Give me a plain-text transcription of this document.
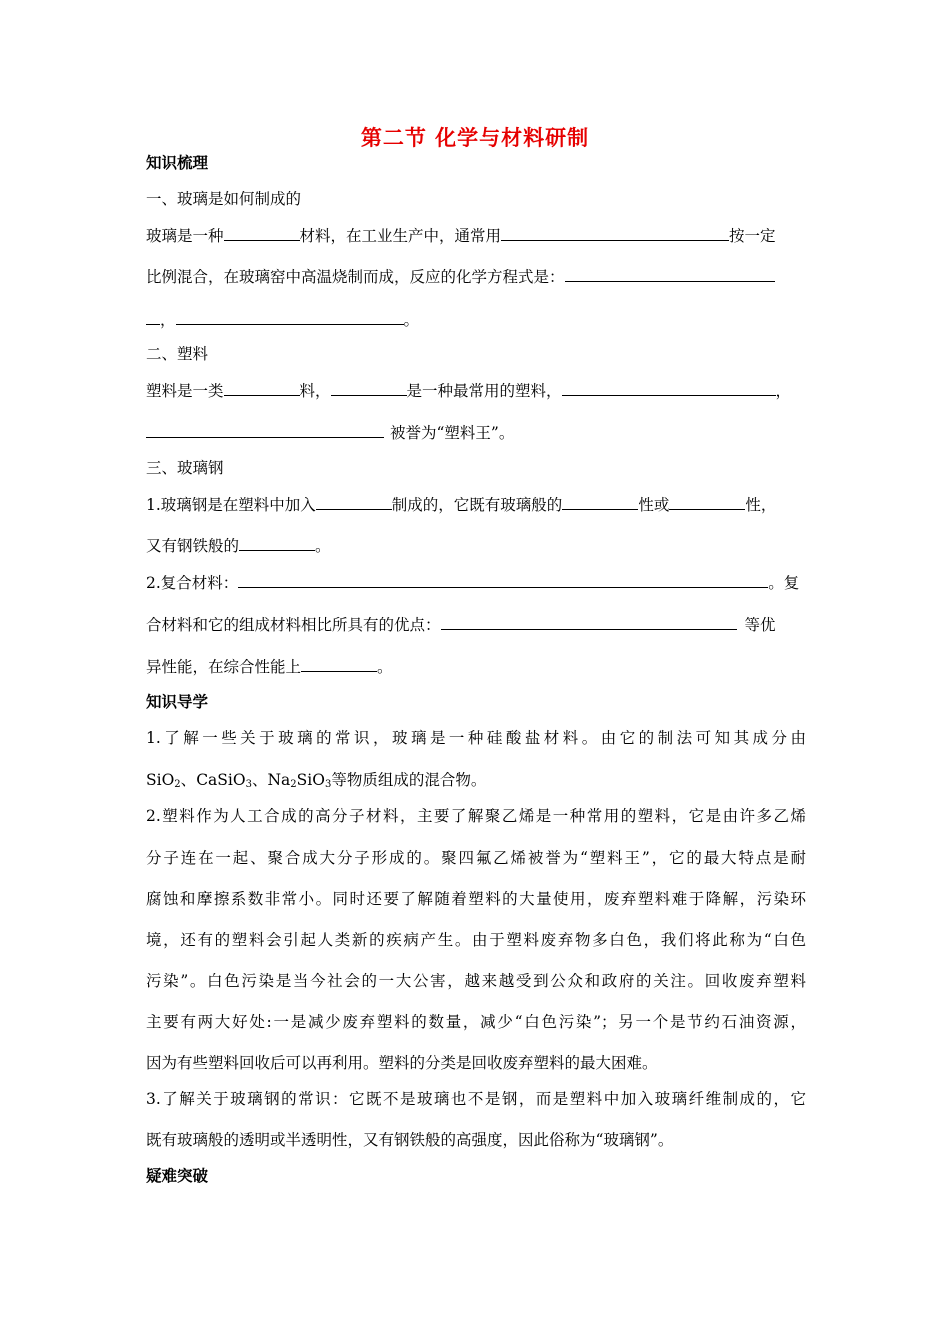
第二节 化学与材料研制
知识梳理
一、玻璃是如何制成的
玻璃是一种	材料，在工业生产中，通常用	按一定
比例混合，在玻璃窑中高温烧制而成，反应的化学方程式是：
，	。
二、塑料
塑料是一类	料，	是一种最常用的塑料，	，
被誉为“塑料王”。
三、玻璃钢
1.玻璃钢是在塑料中加入	制成的，它既有玻璃般的	性或	性，
又有钢铁般的	。
2.复合材料：	。复
合材料和它的组成材料相比所具有的优点：	等优
异性能，在综合性能上	。
知识导学
1.了解一些关于玻璃的常识，玻璃是一种硅酸盐材料。由它的制法可知其成分由
SiO$_2$、CaSiO$_3$、$Na_2SiO_3$等物质组成的混合物。
2.塑料作为人工合成的高分子材料，主要了解聚乙烯是一种常用的塑料，它是由许多乙烯
分子连在一起、聚合成大分子形成的。聚四氟乙烯被誉为“塑料王”，它的最大特点是耐
腐蚀和摩擦系数非常小。同时还要了解随着塑料的大量使用，废弃塑料难于降解，污染环
境，还有的塑料会引起人类新的疾病产生。由于塑料废弃物多白色，我们将此称为“白色
污染”。白色污染是当今社会的一大公害，越来越受到公众和政府的关注。回收废弃塑料
主要有两大好处:一是减少废弃塑料的数量，减少“白色污染”；另一个是节约石油资源，
因为有些塑料回收后可以再利用。塑料的分类是回收废弃塑料的最大困难。
3.了解关于玻璃钢的常识：它既不是玻璃也不是钢，而是塑料中加入玻璃纤维制成的，它
既有玻璃般的透明或半透明性，又有钢铁般的高强度，因此俗称为“玻璃钢”。
疑难突破
